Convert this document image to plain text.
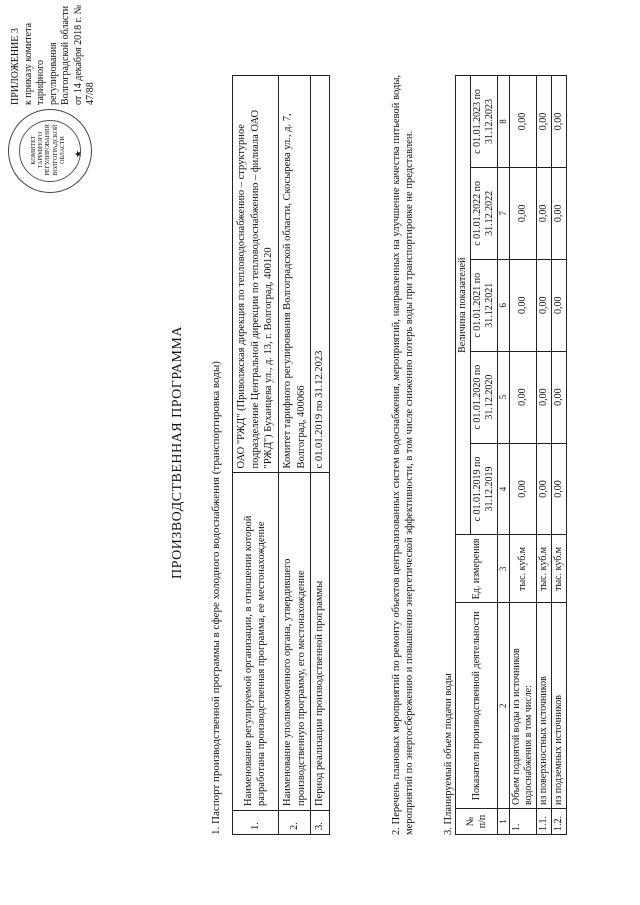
КОМИТЕТ ТАРИФНОГО РЕГУЛИРОВАНИЯ ВОЛГОГРАДСКОЙ ОБЛАСТИ ★
ПРИЛОЖЕНИЕ 3 к приказу комитета тарифного регулирования Волгоградской области от 14 декабря 2018 г. № 47/88
ПРОИЗВОДСТВЕННАЯ ПРОГРАММА 1. Паспорт производственной программы в сфере холодного водоснабжения (транспортировка воды)	1.	Наименование регулируемой организации, в отношении которой разработана производственная программа, ее местонахождение	ОАО "РЖД" (Приволжская дирекция по тепловодоснабжению – структурное подразделение Центральной дирекции по тепловодоснабжению – филиала ОАО "РЖД") Буханцева ул., д. 13, г. Волгоград, 400120
2.	Наименование уполномоченного органа, утвердившего производственную программу, его местонахождение	Комитет тарифного регулирования Волгоградской области, Скосырева ул., д. 7, Волгоград, 400066
3.	Период реализации производственной программы	с 01.01.2019 по 31.12.2023	2. Перечень плановых мероприятий по ремонту объектов централизованных систем водоснабжения, мероприятий, направленных на улучшение качества питьевой воды, мероприятий по энергосбережению и повышению энергетической эффективности, в том числе снижению потерь воды при транспортировке не представлен.	3. Планируемый объем подачи воды № п/п	Показатели производственной деятельности	Ед. измерения	Величина показателей				
			с 01.01.2019 по 31.12.2019	с 01.01.2020 по 31.12.2020	с 01.01.2021 по 31.12.2021	с 01.01.2022 по 31.12.2022	с 01.01.2023 по 31.12.2023
1	2	3	4	5	6	7	8
1.	Объем поднятой воды из источников водоснабжения в том числе:	тыс. куб.м	0,00	0,00	0,00	0,00	0,00
1.1.	из поверхностных источников	тыс. куб.м	0,00	0,00	0,00	0,00	0,00
1.2.	из подземных источников	тыс. куб.м	0,00	0,00	0,00	0,00	0,00
